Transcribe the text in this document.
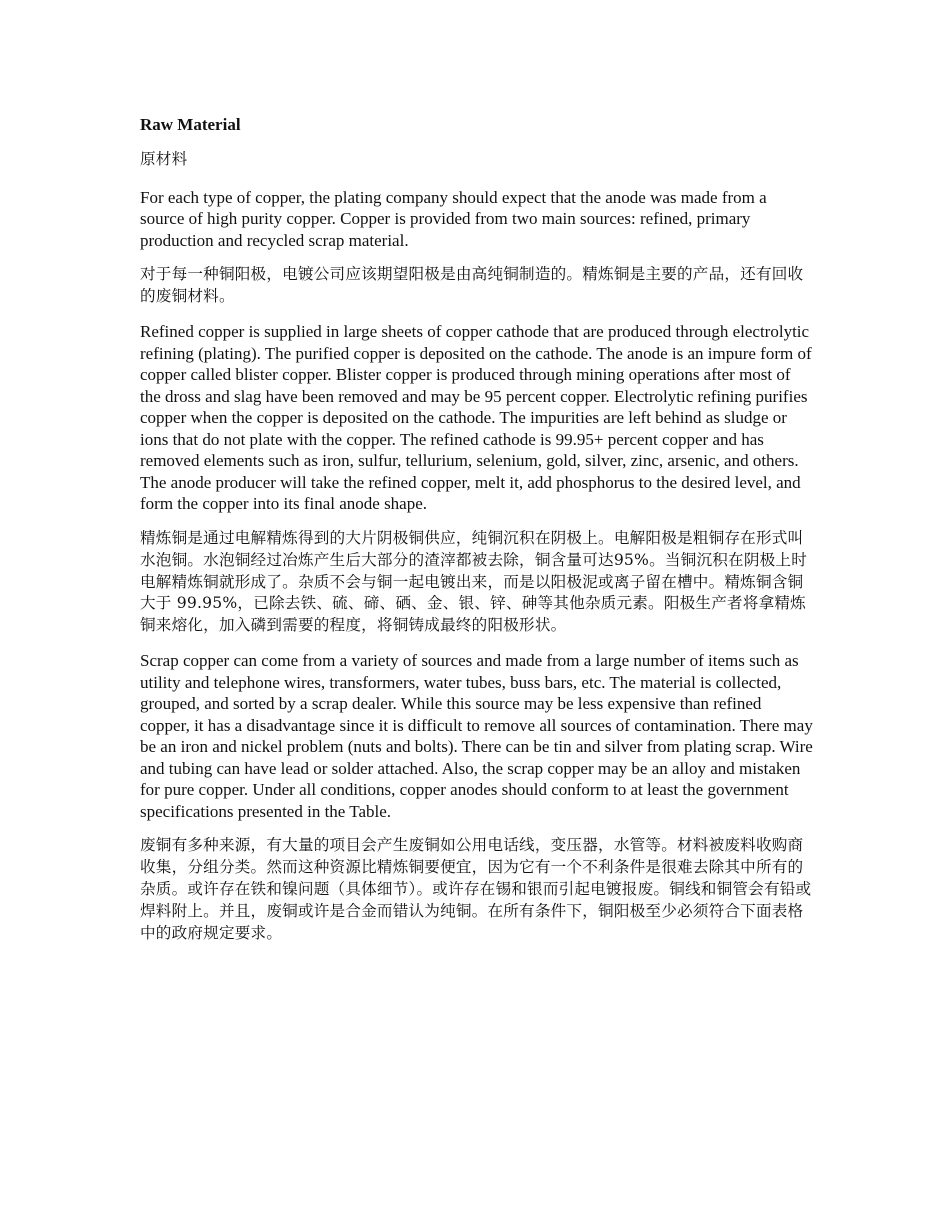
Raw Material

原材料

For each type of copper, the plating company should expect that the anode was made from a source of high purity copper. Copper is provided from two main sources: refined, primary production and recycled scrap material.

对于每一种铜阳极，电镀公司应该期望阳极是由高纯铜制造的。精炼铜是主要的产品，还有回收的废铜材料。

Refined copper is supplied in large sheets of copper cathode that are produced through electrolytic refining (plating). The purified copper is deposited on the cathode. The anode is an impure form of copper called blister copper. Blister copper is produced through mining operations after most of the dross and slag have been removed and may be 95 percent copper. Electrolytic refining purifies copper when the copper is deposited on the cathode. The impurities are left behind as sludge or ions that do not plate with the copper. The refined cathode is 99.95+ percent copper and has removed elements such as iron, sulfur, tellurium, selenium, gold, silver, zinc, arsenic, and others. The anode producer will take the refined copper, melt it, add phosphorus to the desired level, and form the copper into its final anode shape.

精炼铜是通过电解精炼得到的大片阴极铜供应，纯铜沉积在阴极上。电解阳极是粗铜存在形式叫水泡铜。水泡铜经过冶炼产生后大部分的渣滓都被去除，铜含量可达95%。当铜沉积在阴极上时电解精炼铜就形成了。杂质不会与铜一起电镀出来，而是以阳极泥或离子留在槽中。精炼铜含铜大于 99.95%，已除去铁、硫、碲、硒、金、银、锌、砷等其他杂质元素。阳极生产者将拿精炼铜来熔化，加入磷到需要的程度，将铜铸成最终的阳极形状。

Scrap copper can come from a variety of sources and made from a large number of items such as utility and telephone wires, transformers, water tubes, buss bars, etc. The material is collected, grouped, and sorted by a scrap dealer. While this source may be less expensive than refined copper, it has a disadvantage since it is difficult to remove all sources of contamination. There may be an iron and nickel problem (nuts and bolts). There can be tin and silver from plating scrap. Wire and tubing can have lead or solder attached. Also, the scrap copper may be an alloy and mistaken for pure copper. Under all conditions, copper anodes should conform to at least the government specifications presented in the Table.

废铜有多种来源，有大量的项目会产生废铜如公用电话线，变压器，水管等。材料被废料收购商收集，分组分类。然而这种资源比精炼铜要便宜，因为它有一个不利条件是很难去除其中所有的杂质。或许存在铁和镍问题（具体细节）。或许存在锡和银而引起电镀报废。铜线和铜管会有铅或焊料附上。并且，废铜或许是合金而错认为纯铜。在所有条件下，铜阳极至少必须符合下面表格中的政府规定要求。
